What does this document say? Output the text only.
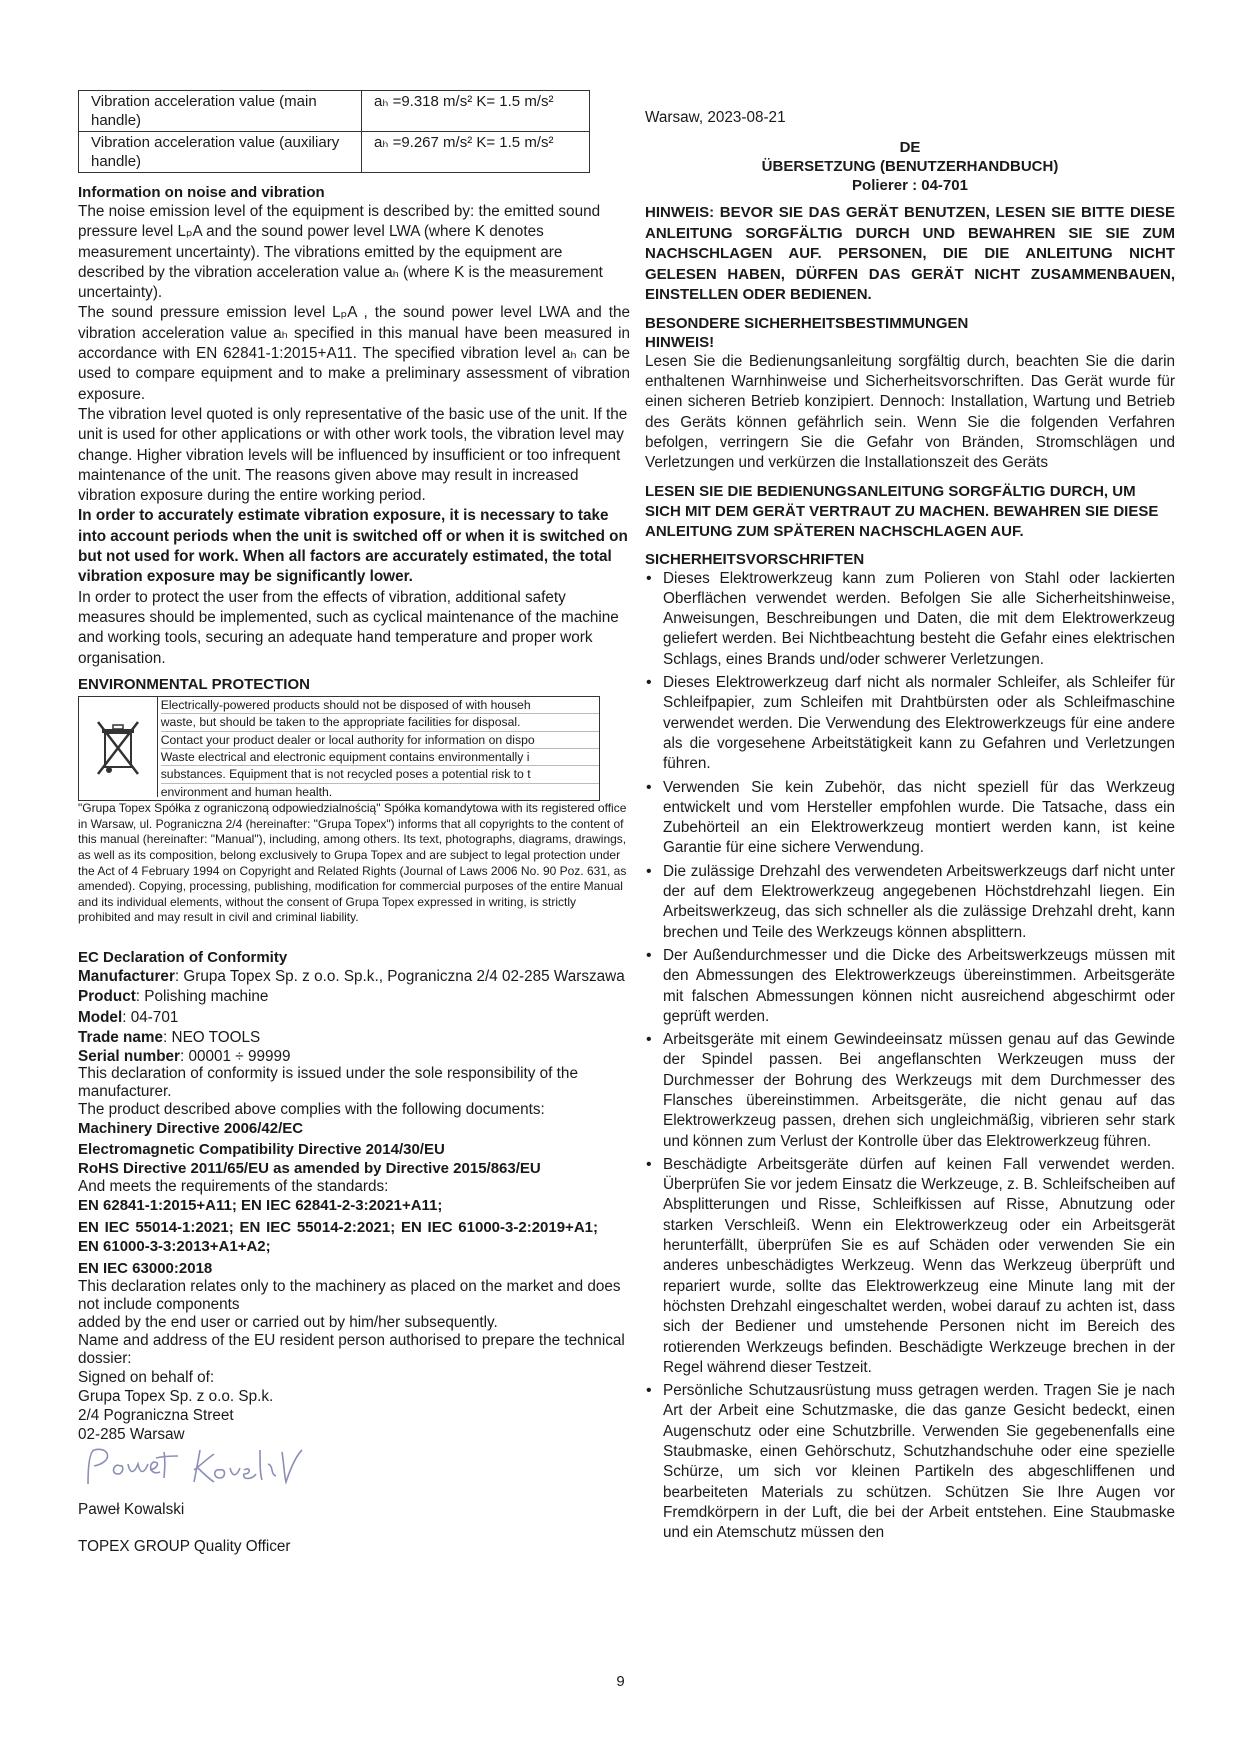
Vibration acceleration value (main handle)	aₕ =9.318 m/s² K= 1.5 m/s²
Vibration acceleration value (auxiliary handle)	aₕ =9.267 m/s² K= 1.5 m/s²

Information on noise and vibration

The noise emission level of the equipment is described by: the emitted sound pressure level LₚA and the sound power level LWA (where K denotes measurement uncertainty). The vibrations emitted by the equipment are described by the vibration acceleration value aₕ (where K is the measurement uncertainty).

The sound pressure emission level LₚA , the sound power level LWA and the vibration acceleration value aₕ specified in this manual have been measured in accordance with EN 62841-1:2015+A11. The specified vibration level aₕ can be used to compare equipment and to make a preliminary assessment of vibration exposure.

The vibration level quoted is only representative of the basic use of the unit. If the unit is used for other applications or with other work tools, the vibration level may change. Higher vibration levels will be influenced by insufficient or too infrequent maintenance of the unit. The reasons given above may result in increased vibration exposure during the entire working period.

In order to accurately estimate vibration exposure, it is necessary to take into account periods when the unit is switched off or when it is switched on but not used for work. When all factors are accurately estimated, the total vibration exposure may be significantly lower.

In order to protect the user from the effects of vibration, additional safety measures should be implemented, such as cyclical maintenance of the machine and working tools, securing an adequate hand temperature and proper work organisation.

ENVIRONMENTAL PROTECTION

Electrically-powered products should not be disposed of with househ
waste, but should be taken to the appropriate facilities for disposal.
Contact your product dealer or local authority for information on dispo
Waste electrical and electronic equipment contains environmentally i
substances. Equipment that is not recycled poses a potential risk to t
environment and human health.

"Grupa Topex Spółka z ograniczoną odpowiedzialnością" Spółka komandytowa with its registered office in Warsaw, ul. Pograniczna 2/4 (hereinafter: "Grupa Topex") informs that all copyrights to the content of this manual (hereinafter: "Manual"), including, among others. Its text, photographs, diagrams, drawings, as well as its composition, belong exclusively to Grupa Topex and are subject to legal protection under the Act of 4 February 1994 on Copyright and Related Rights (Journal of Laws 2006 No. 90 Poz. 631, as amended). Copying, processing, publishing, modification for commercial purposes of the entire Manual and its individual elements, without the consent of Grupa Topex expressed in writing, is strictly prohibited and may result in civil and criminal liability.

EC Declaration of Conformity

Manufacturer: Grupa Topex Sp. z o.o. Sp.k., Pograniczna 2/4 02-285 Warszawa

Product: Polishing machine

Model: 04-701

Trade name: NEO TOOLS

Serial number: 00001 ÷ 99999

This declaration of conformity is issued under the sole responsibility of the manufacturer.

The product described above complies with the following documents:

Machinery Directive 2006/42/EC

Electromagnetic Compatibility Directive 2014/30/EU

RoHS Directive 2011/65/EU as amended by Directive 2015/863/EU

And meets the requirements of the standards:

EN 62841-1:2015+A11; EN IEC 62841-2-3:2021+A11;

EN IEC 55014-1:2021; EN IEC 55014-2:2021; EN IEC 61000-3-2:2019+A1; EN 61000-3-3:2013+A1+A2;

EN IEC 63000:2018

This declaration relates only to the machinery as placed on the market and does not include components

added by the end user or carried out by him/her subsequently.

Name and address of the EU resident person authorised to prepare the technical dossier:

Signed on behalf of:

Grupa Topex Sp. z o.o. Sp.k.

2/4 Pograniczna Street

02-285 Warsaw

Paweł Kowalski

TOPEX GROUP Quality Officer

Warsaw, 2023-08-21

DE

ÜBERSETZUNG (BENUTZERHANDBUCH)

Polierer : 04-701

HINWEIS: BEVOR SIE DAS GERÄT BENUTZEN, LESEN SIE BITTE DIESE ANLEITUNG SORGFÄLTIG DURCH UND BEWAHREN SIE SIE ZUM NACHSCHLAGEN AUF. PERSONEN, DIE DIE ANLEITUNG NICHT GELESEN HABEN, DÜRFEN DAS GERÄT NICHT ZUSAMMENBAUEN, EINSTELLEN ODER BEDIENEN.

BESONDERE SICHERHEITSBESTIMMUNGEN

HINWEIS!

Lesen Sie die Bedienungsanleitung sorgfältig durch, beachten Sie die darin enthaltenen Warnhinweise und Sicherheitsvorschriften. Das Gerät wurde für einen sicheren Betrieb konzipiert. Dennoch: Installation, Wartung und Betrieb des Geräts können gefährlich sein. Wenn Sie die folgenden Verfahren befolgen, verringern Sie die Gefahr von Bränden, Stromschlägen und Verletzungen und verkürzen die Installationszeit des Geräts

LESEN SIE DIE BEDIENUNGSANLEITUNG SORGFÄLTIG DURCH, UM SICH MIT DEM GERÄT VERTRAUT ZU MACHEN. BEWAHREN SIE DIESE ANLEITUNG ZUM SPÄTEREN NACHSCHLAGEN AUF.

SICHERHEITSVORSCHRIFTEN

• Dieses Elektrowerkzeug kann zum Polieren von Stahl oder lackierten Oberflächen verwendet werden. Befolgen Sie alle Sicherheitshinweise, Anweisungen, Beschreibungen und Daten, die mit dem Elektrowerkzeug geliefert werden. Bei Nichtbeachtung besteht die Gefahr eines elektrischen Schlags, eines Brands und/oder schwerer Verletzungen.
• Dieses Elektrowerkzeug darf nicht als normaler Schleifer, als Schleifer für Schleifpapier, zum Schleifen mit Drahtbürsten oder als Schleifmaschine verwendet werden. Die Verwendung des Elektrowerkzeugs für eine andere als die vorgesehene Arbeitstätigkeit kann zu Gefahren und Verletzungen führen.
• Verwenden Sie kein Zubehör, das nicht speziell für das Werkzeug entwickelt und vom Hersteller empfohlen wurde. Die Tatsache, dass ein Zubehörteil an ein Elektrowerkzeug montiert werden kann, ist keine Garantie für eine sichere Verwendung.
• Die zulässige Drehzahl des verwendeten Arbeitswerkzeugs darf nicht unter der auf dem Elektrowerkzeug angegebenen Höchstdrehzahl liegen. Ein Arbeitswerkzeug, das sich schneller als die zulässige Drehzahl dreht, kann brechen und Teile des Werkzeugs können absplittern.
• Der Außendurchmesser und die Dicke des Arbeitswerkzeugs müssen mit den Abmessungen des Elektrowerkzeugs übereinstimmen. Arbeitsgeräte mit falschen Abmessungen können nicht ausreichend abgeschirmt oder geprüft werden.
• Arbeitsgeräte mit einem Gewindeeinsatz müssen genau auf das Gewinde der Spindel passen. Bei angeflanschten Werkzeugen muss der Durchmesser der Bohrung des Werkzeugs mit dem Durchmesser des Flansches übereinstimmen. Arbeitsgeräte, die nicht genau auf das Elektrowerkzeug passen, drehen sich ungleichmäßig, vibrieren sehr stark und können zum Verlust der Kontrolle über das Elektrowerkzeug führen.
• Beschädigte Arbeitsgeräte dürfen auf keinen Fall verwendet werden. Überprüfen Sie vor jedem Einsatz die Werkzeuge, z. B. Schleifscheiben auf Absplitterungen und Risse, Schleifkissen auf Risse, Abnutzung oder starken Verschleiß. Wenn ein Elektrowerkzeug oder ein Arbeitsgerät herunterfällt, überprüfen Sie es auf Schäden oder verwenden Sie ein anderes unbeschädigtes Werkzeug. Wenn das Werkzeug überprüft und repariert wurde, sollte das Elektrowerkzeug eine Minute lang mit der höchsten Drehzahl eingeschaltet werden, wobei darauf zu achten ist, dass sich der Bediener und umstehende Personen nicht im Bereich des rotierenden Werkzeugs befinden. Beschädigte Werkzeuge brechen in der Regel während dieser Testzeit.
• Persönliche Schutzausrüstung muss getragen werden. Tragen Sie je nach Art der Arbeit eine Schutzmaske, die das ganze Gesicht bedeckt, einen Augenschutz oder eine Schutzbrille. Verwenden Sie gegebenenfalls eine Staubmaske, einen Gehörschutz, Schutzhandschuhe oder eine spezielle Schürze, um sich vor kleinen Partikeln des abgeschliffenen und bearbeiteten Materials zu schützen. Schützen Sie Ihre Augen vor Fremdkörpern in der Luft, die bei der Arbeit entstehen. Eine Staubmaske und ein Atemschutz müssen den
9
